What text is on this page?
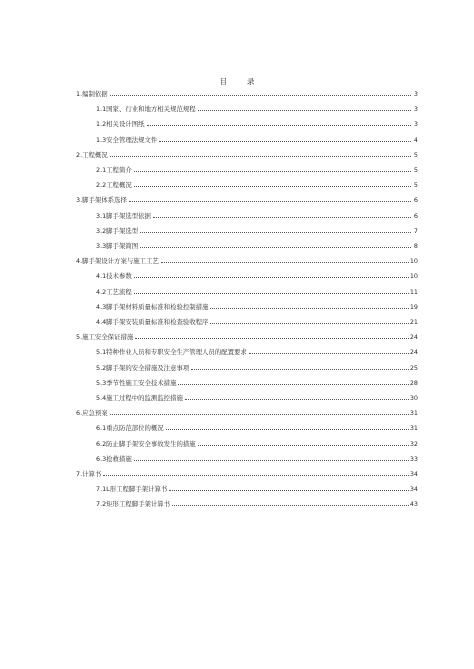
目	录
1.编制依据	3
1.1国家、行业和地方相关规范规程	3
1.2相关设计图纸	3
1.3安全管理法规文件	4
2.工程概况	5
2.1工程简介	5
2.2工程概况	5
3.脚手架体系选择	6
3.1脚手架选型依据	6
3.2脚手架选型	7
3.3脚手架简图	8
4.脚手架设计方案与施工工艺	10
4.1技术参数	10
4.2工艺流程	11
4.3脚手架材料质量标准和检验控制措施	19
4.4脚手架安装质量标准和检查验收程序	21
5.施工安全保证措施	24
5.1特种作业人员和专职安全生产管理人员的配置要求	24
5.2脚手架的安全措施及注意事项	25
5.3季节性施工安全技术措施	28
5.4施工过程中的监测监控措施	30
6.应急预案	31
6.1重点防范部位的概况	31
6.2防止脚手架安全事故发生的措施	32
6.3抢救措施	33
7.计算书	34
7.1L形工程脚手架计算书	34
7.2矩形工程脚手架计算书	43
